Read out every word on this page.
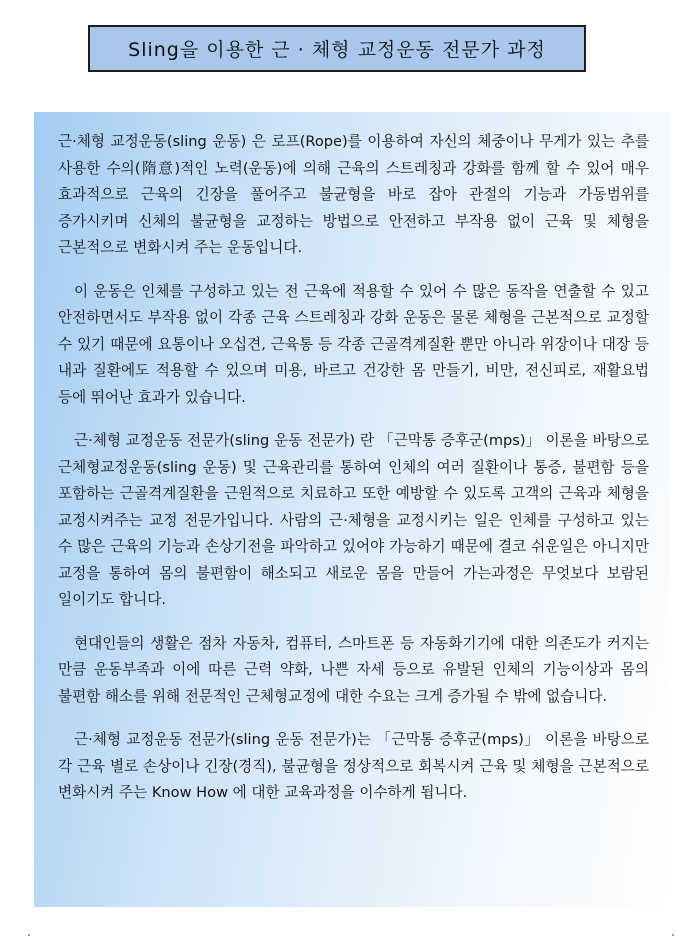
Sling을 이용한 근 · 체형 교정운동 전문가 과정

근·체형 교정운동(sling 운동) 은 로프(Rope)를 이용하여 자신의 체중이나 무게가 있는 추를 사용한 수의(隋意)적인 노력(운동)에 의해 근육의 스트레칭과 강화를 함께 할 수 있어 매우 효과적으로 근육의 긴장을 풀어주고 불균형을 바로 잡아 관절의 기능과 가동범위를 증가시키며 신체의 불균형을 교정하는 방법으로 안전하고 부작용 없이 근육 및 체형을 근본적으로 변화시켜 주는 운동입니다.

이 운동은 인체를 구성하고 있는 전 근육에 적용할 수 있어 수 많은 동작을 연출할 수 있고 안전하면서도 부작용 없이 각종 근육 스트레칭과 강화 운동은 물론 체형을 근본적으로 교정할 수 있기 때문에 요통이나 오십견, 근육통 등 각종 근골격계질환 뿐만 아니라 위장이나 대장 등 내과 질환에도 적용할 수 있으며 미용, 바르고 건강한 몸 만들기, 비만, 전신피로, 재활요법 등에 뛰어난 효과가 있습니다.

근·체형 교정운동 전문가(sling 운동 전문가) 란 「근막통 증후군(mps)」 이론을 바탕으로 근체형교정운동(sling 운동) 및 근육관리를 통하여 인체의 여러 질환이나 통증, 불편함 등을 포함하는 근골격계질환을 근원적으로 치료하고 또한 예방할 수 있도록 고객의 근육과 체형을 교정시켜주는 교정 전문가입니다. 사람의 근·체형을 교정시키는 일은 인체를 구성하고 있는 수 많은 근육의 기능과 손상기전을 파악하고 있어야 가능하기 때문에 결코 쉬운일은 아니지만 교정을 통하여 몸의 불편함이 해소되고 새로운 몸을 만들어 가는과정은 무엇보다 보람된 일이기도 합니다.

현대인들의 생활은 점차 자동차, 컴퓨터, 스마트폰 등 자동화기기에 대한 의존도가 커지는 만큼 운동부족과 이에 따른 근력 약화, 나쁜 자세 등으로 유발된 인체의 기능이상과 몸의 불편함 해소를 위해 전문적인 근체형교정에 대한 수요는 크게 증가될 수 밖에 없습니다.

근·체형 교정운동 전문가(sling 운동 전문가)는 「근막통 증후군(mps)」 이론을 바탕으로 각 근육 별로 손상이나 긴장(경직), 불균형을 정상적으로 회복시켜 근육 및 체형을 근본적으로 변화시켜 주는 Know How 에 대한 교육과정을 이수하게 됩니다.
